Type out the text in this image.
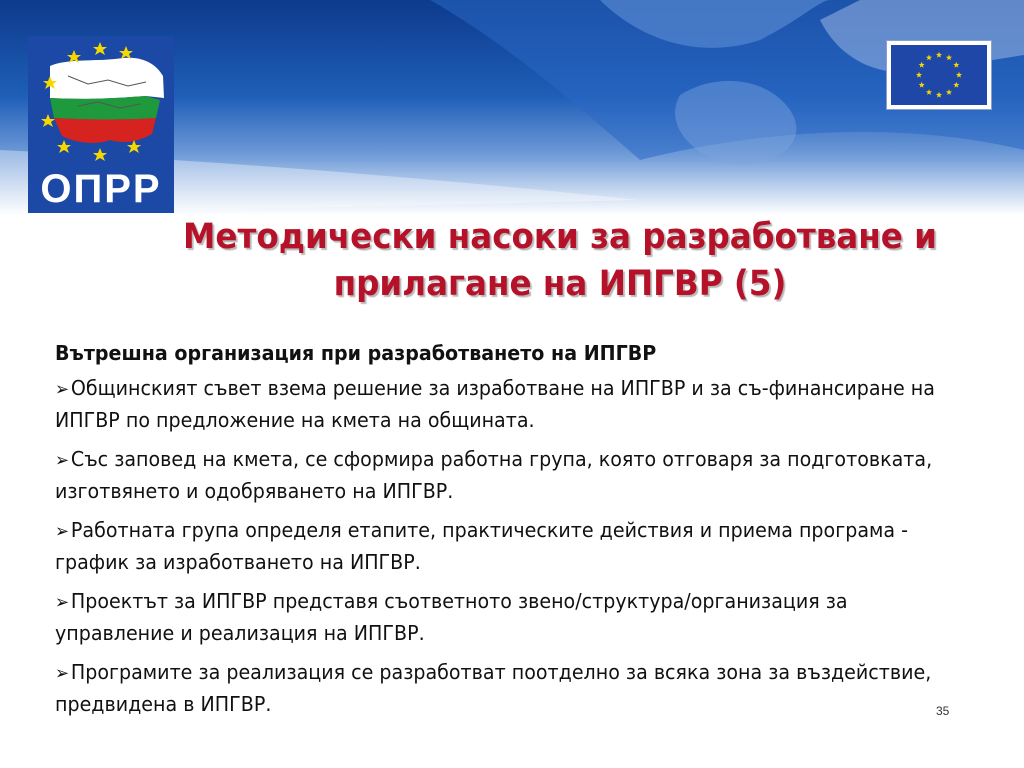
ОПРР
Методически насоки за разработване и
прилагане на ИПГВР (5)
Вътрешна организация при разработването на ИПГВР
➢Общинският съвет взема решение за изработване на ИПГВР и за съ-финансиране на ИПГВР по предложение на кмета на общината.
➢Със заповед на кмета, се сформира работна група, която отговаря за подготовката, изготвянето и одобряването на ИПГВР.
➢Работната група определя етапите, практическите действия и приема програма - график за изработването на ИПГВР.
➢Проектът за ИПГВР представя съответното звено/структура/организация за управление и реализация на ИПГВР.
➢Програмите за реализация се разработват поотделно за всяка зона за въздействие, предвидена в ИПГВР.	35
